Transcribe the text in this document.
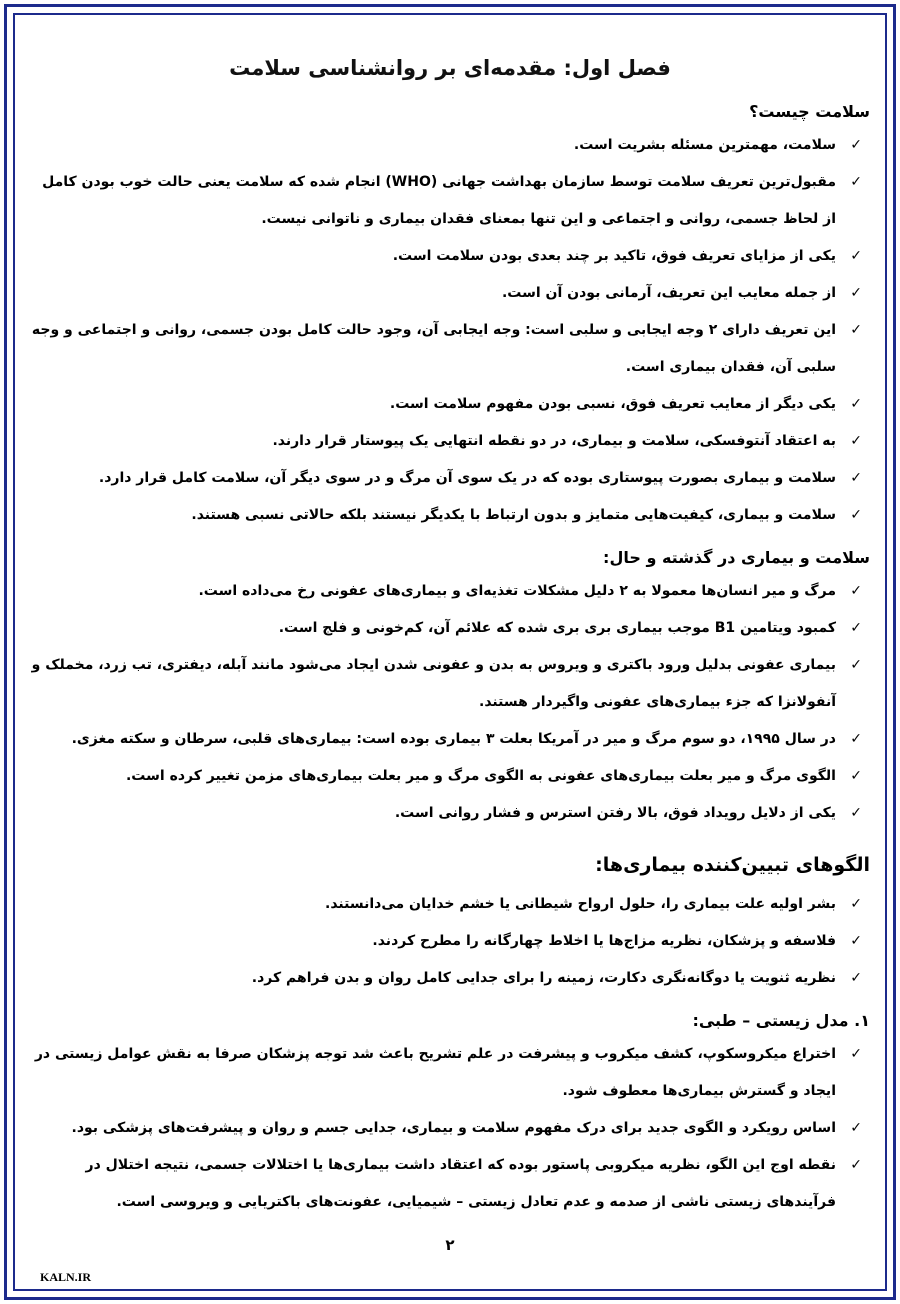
فصل اول: مقدمه‌ای بر روانشناسی سلامت
سلامت چیست؟
✓
سلامت، مهمترین مسئله بشریت است.
✓
مقبول‌ترین تعریف سلامت توسط سازمان بهداشت جهانی (WHO) انجام شده که سلامت یعنی حالت خوب بودن کامل از لحاظ جسمی، روانی و اجتماعی و این تنها بمعنای فقدان بیماری و ناتوانی نیست.
✓
یکی از مزایای تعریف فوق، تاکید بر چند بعدی بودن سلامت است.
✓
از جمله معایب این تعریف، آرمانی بودن آن است.
✓
این تعریف دارای ۲ وجه ایجابی و سلبی است: وجه ایجابی آن، وجود حالت کامل بودن جسمی، روانی و اجتماعی و وجه سلبی آن، فقدان بیماری است.
✓
یکی دیگر از معایب تعریف فوق، نسبی بودن مفهوم سلامت است.
✓
به اعتقاد آنتوفسکی، سلامت و بیماری، در دو نقطه انتهایی یک پیوستار قرار دارند.
✓
سلامت و بیماری بصورت پیوستاری بوده که در یک سوی آن مرگ و در سوی دیگر آن، سلامت کامل قرار دارد.
✓
سلامت و بیماری، کیفیت‌هایی متمایز و بدون ارتباط با یکدیگر نیستند بلکه حالاتی نسبی هستند.
سلامت و بیماری در گذشته و حال:
✓
مرگ و میر انسان‌ها معمولا به ۲ دلیل مشکلات تغذیه‌ای و بیماری‌های عفونی رخ می‌داده است.
✓
کمبود ویتامین B1 موجب بیماری بری بری شده که علائم آن، کم‌خونی و فلج است.
✓
بیماری عفونی بدلیل ورود باکتری و ویروس به بدن و عفونی شدن ایجاد می‌شود مانند آبله، دیفتری، تب زرد، مخملک و آنفولانزا که جزء بیماری‌های عفونی واگیردار هستند.
✓
در سال ۱۹۹۵، دو سوم مرگ و میر در آمریکا بعلت ۳ بیماری بوده است: بیماری‌های قلبی، سرطان و سکته مغزی.
✓
الگوی مرگ و میر بعلت بیماری‌های عفونی به الگوی مرگ و میر بعلت بیماری‌های مزمن تغییر کرده است.
✓
یکی از دلایل رویداد فوق، بالا رفتن استرس و فشار روانی است.
الگوهای تبیین‌کننده بیماری‌ها:
✓
بشر اولیه علت بیماری را، حلول ارواح شیطانی یا خشم خدایان می‌دانستند.
✓
فلاسفه و پزشکان، نظریه مزاج‌ها یا اخلاط چهارگانه را مطرح کردند.
✓
نظریه ثنویت یا دوگانه‌نگری دکارت، زمینه را برای جدایی کامل روان و بدن فراهم کرد.
۱. مدل زیستی – طبی:
✓
اختراع میکروسکوپ، کشف میکروب و پیشرفت در علم تشریح باعث شد توجه پزشکان صرفا به نقش عوامل زیستی در ایجاد و گسترش بیماری‌ها معطوف شود.
✓
اساس رویکرد و الگوی جدید برای درک مفهوم سلامت و بیماری، جدایی جسم و روان و پیشرفت‌های پزشکی بود.
✓
نقطه اوج این الگو، نظریه میکروبی پاستور بوده که اعتقاد داشت بیماری‌ها یا اختلالات جسمی، نتیجه اختلال در فرآیندهای زیستی ناشی از صدمه و عدم تعادل زیستی – شیمیایی، عفونت‌های باکتریایی و ویروسی است.
۲
KALN.IR
